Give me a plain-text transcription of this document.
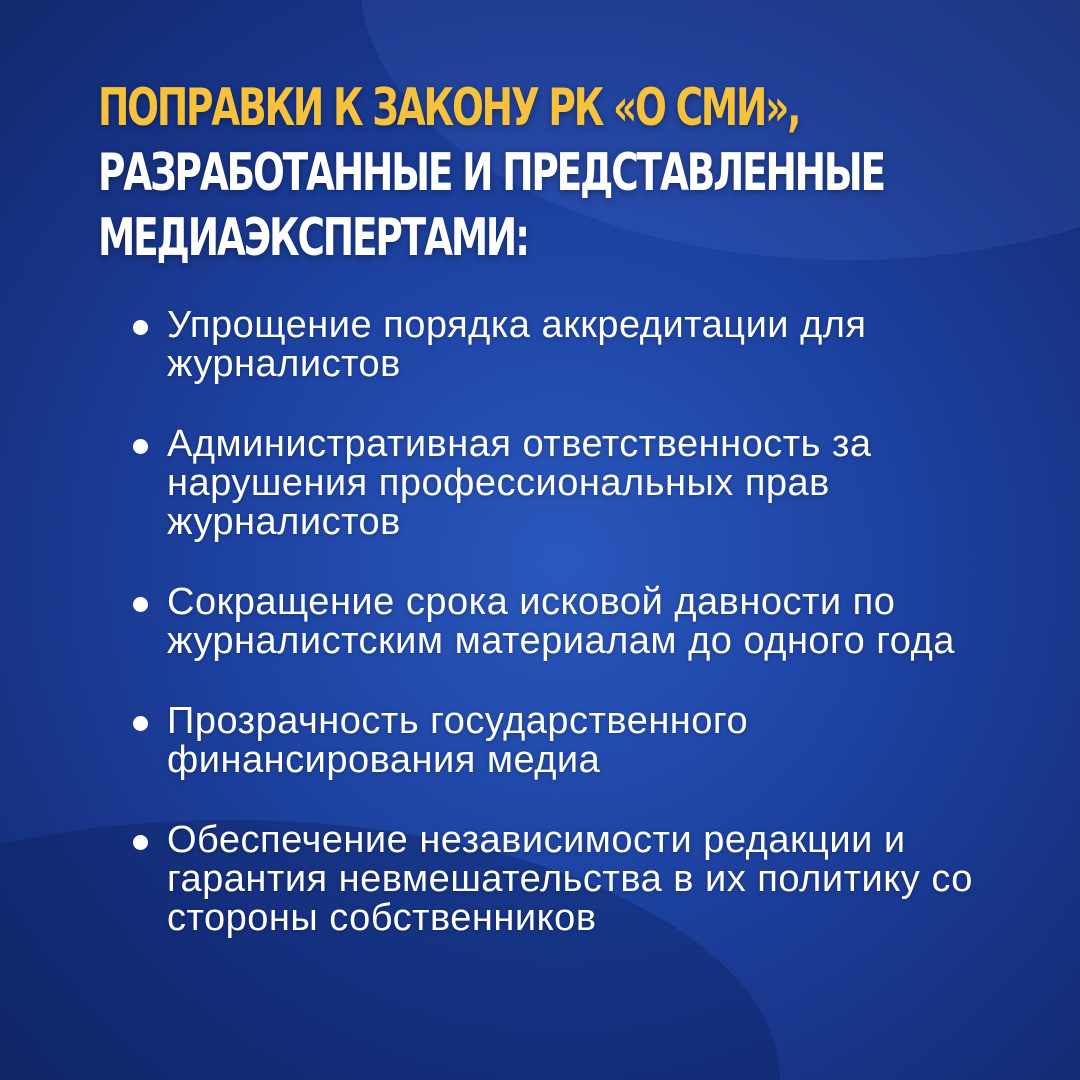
ПОПРАВКИ К ЗАКОНУ РК «О СМИ»,
РАЗРАБОТАННЫЕ И ПРЕДСТАВЛЕННЫЕ
МЕДИАЭКСПЕРТАМИ:
Упрощение порядка аккредитации для журналистов
Административная ответственность за нарушения профессиональных прав журналистов
Сокращение срока исковой давности по журналистским материалам до одного года
Прозрачность государственного финансирования медиа
Обеспечение независимости редакции и гарантия невмешательства в их политику со стороны собственников
